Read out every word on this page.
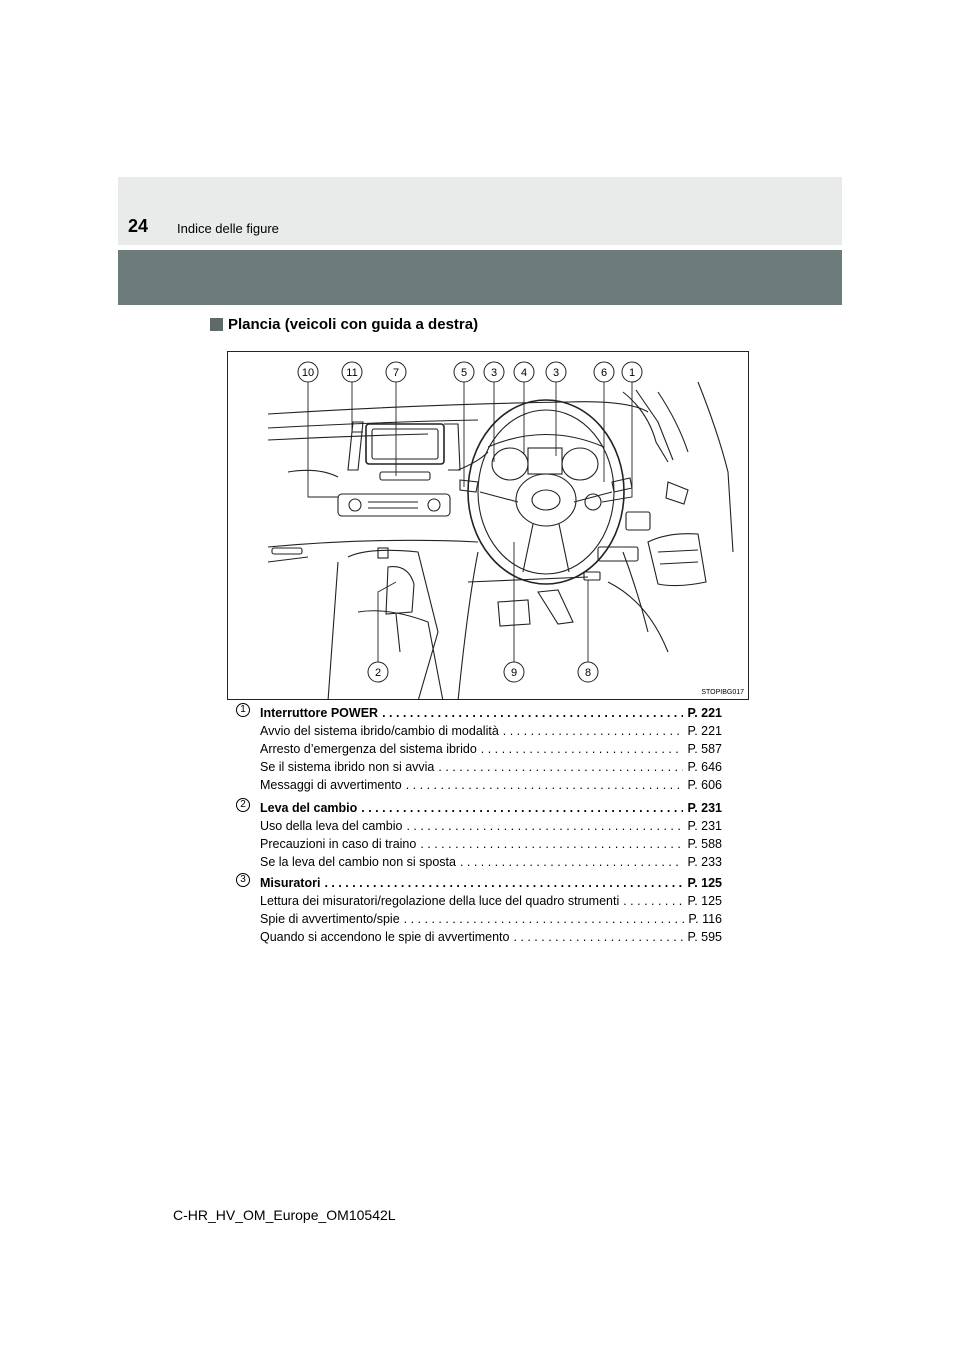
24 Indice delle figure
Plancia (veicoli con guida a destra)
10	11	7	5 3 4 3	6 1
2	9	8
STOPIBG017
1	Interruttore POWER . . .	P. 221
Avvio del sistema ibrido/cambio di modalità . . .	P. 221
Arresto d’emergenza del sistema ibrido . . .	P. 587
Se il sistema ibrido non si avvia . . .	P. 646
Messaggi di avvertimento . . .	P. 606
2	Leva del cambio . . .	P. 231
Uso della leva del cambio . . .	P. 231
Precauzioni in caso di traino . . .	P. 588
Se la leva del cambio non si sposta . . .	P. 233
3	Misuratori . . .	P. 125
Lettura dei misuratori/regolazione della luce del quadro strumenti . . .	P. 125
Spie di avvertimento/spie . . .	P. 116
Quando si accendono le spie di avvertimento . . .	P. 595
C-HR_HV_OM_Europe_OM10542L
